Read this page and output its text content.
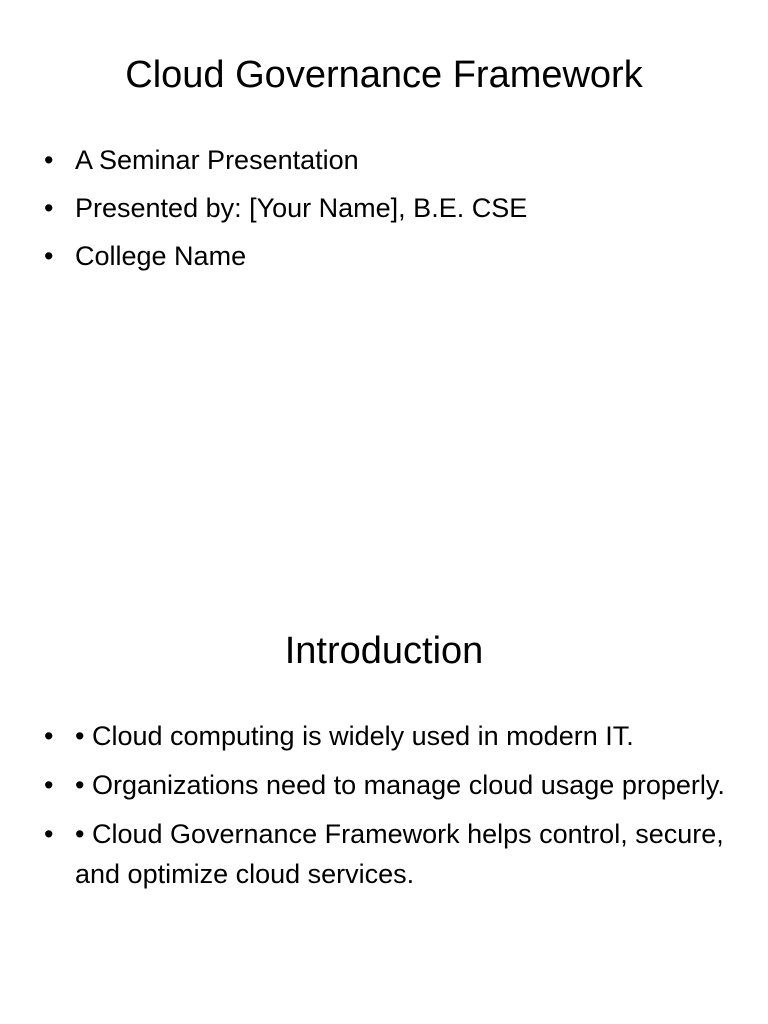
Cloud Governance Framework
• A Seminar Presentation
• Presented by: [Your Name], B.E. CSE
• College Name
Introduction
• • Cloud computing is widely used in modern IT.
• • Organizations need to manage cloud usage properly.
• • Cloud Governance Framework helps control, secure, and optimize cloud services.
